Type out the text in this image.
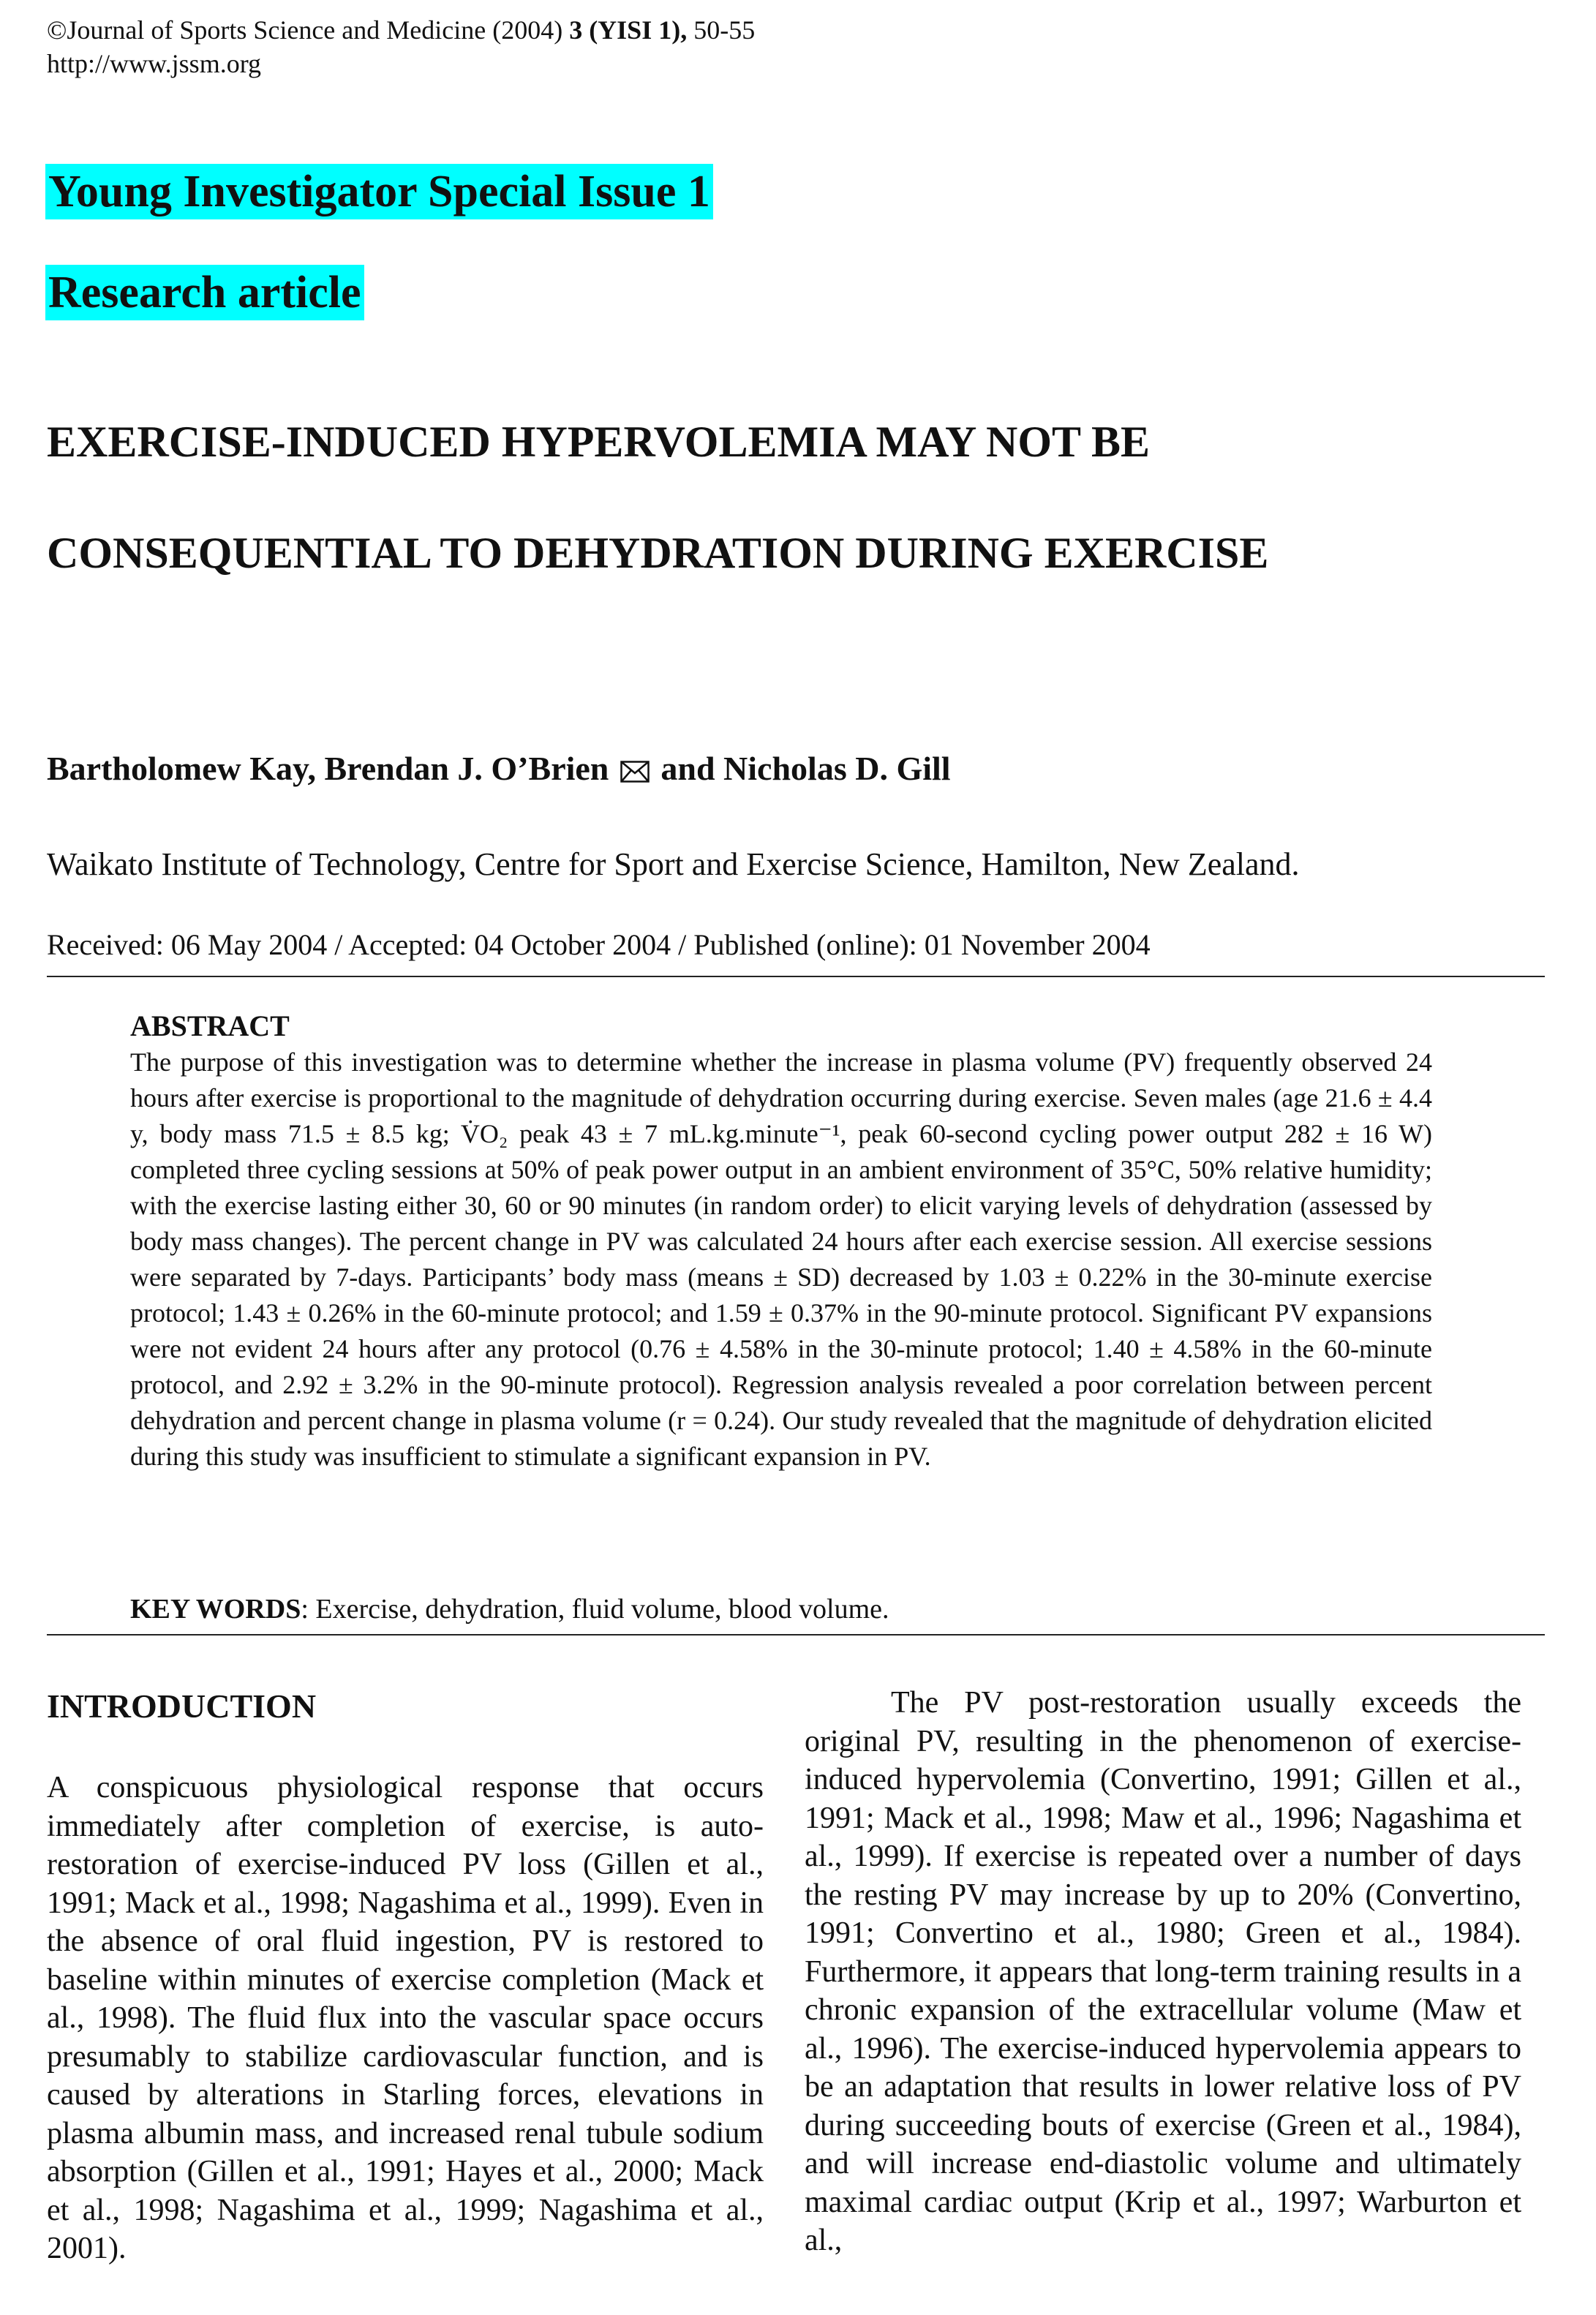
©Journal of Sports Science and Medicine (2004) 3 (YISI 1), 50-55
http://www.jssm.org
Young Investigator Special Issue 1
Research article
EXERCISE-INDUCED HYPERVOLEMIA MAY NOT BE
CONSEQUENTIAL TO DEHYDRATION DURING EXERCISE
Bartholomew Kay, Brendan J. O’Brien and Nicholas D. Gill
Waikato Institute of Technology, Centre for Sport and Exercise Science, Hamilton, New Zealand.
Received: 06 May 2004 / Accepted: 04 October 2004 / Published (online): 01 November 2004
ABSTRACT

The purpose of this investigation was to determine whether the increase in plasma volume (PV) frequently observed 24 hours after exercise is proportional to the magnitude of dehydration occurring during exercise. Seven males (age 21.6 ± 4.4 y, body mass 71.5 ± 8.5 kg; V̇O₂ peak 43 ± 7 mL.kg.minute⁻¹, peak 60-second cycling power output 282 ± 16 W) completed three cycling sessions at 50% of peak power output in an ambient environment of 35°C, 50% relative humidity; with the exercise lasting either 30, 60 or 90 minutes (in random order) to elicit varying levels of dehydration (assessed by body mass changes). The percent change in PV was calculated 24 hours after each exercise session. All exercise sessions were separated by 7-days. Participants’ body mass (means ± SD) decreased by 1.03 ± 0.22% in the 30-minute exercise protocol; 1.43 ± 0.26% in the 60-minute protocol; and 1.59 ± 0.37% in the 90-minute protocol. Significant PV expansions were not evident 24 hours after any protocol (0.76 ± 4.58% in the 30-minute protocol; 1.40 ± 4.58% in the 60-minute protocol, and 2.92 ± 3.2% in the 90-minute protocol). Regression analysis revealed a poor correlation between percent dehydration and percent change in plasma volume (r = 0.24). Our study revealed that the magnitude of dehydration elicited during this study was insufficient to stimulate a significant expansion in PV.

KEY WORDS: Exercise, dehydration, fluid volume, blood volume.
INTRODUCTION

A conspicuous physiological response that occurs immediately after completion of exercise, is auto-restoration of exercise-induced PV loss (Gillen et al., 1991; Mack et al., 1998; Nagashima et al., 1999). Even in the absence of oral fluid ingestion, PV is restored to baseline within minutes of exercise completion (Mack et al., 1998). The fluid flux into the vascular space occurs presumably to stabilize cardiovascular function, and is caused by alterations in Starling forces, elevations in plasma albumin mass, and increased renal tubule sodium absorption (Gillen et al., 1991; Hayes et al., 2000; Mack et al., 1998; Nagashima et al., 1999; Nagashima et al., 2001).

The PV post-restoration usually exceeds the original PV, resulting in the phenomenon of exercise-induced hypervolemia (Convertino, 1991; Gillen et al., 1991; Mack et al., 1998; Maw et al., 1996; Nagashima et al., 1999). If exercise is repeated over a number of days the resting PV may increase by up to 20% (Convertino, 1991; Convertino et al., 1980; Green et al., 1984). Furthermore, it appears that long-term training results in a chronic expansion of the extracellular volume (Maw et al., 1996). The exercise-induced hypervolemia appears to be an adaptation that results in lower relative loss of PV during succeeding bouts of exercise (Green et al., 1984), and will increase end-diastolic volume and ultimately maximal cardiac output (Krip et al., 1997; Warburton et al.,
